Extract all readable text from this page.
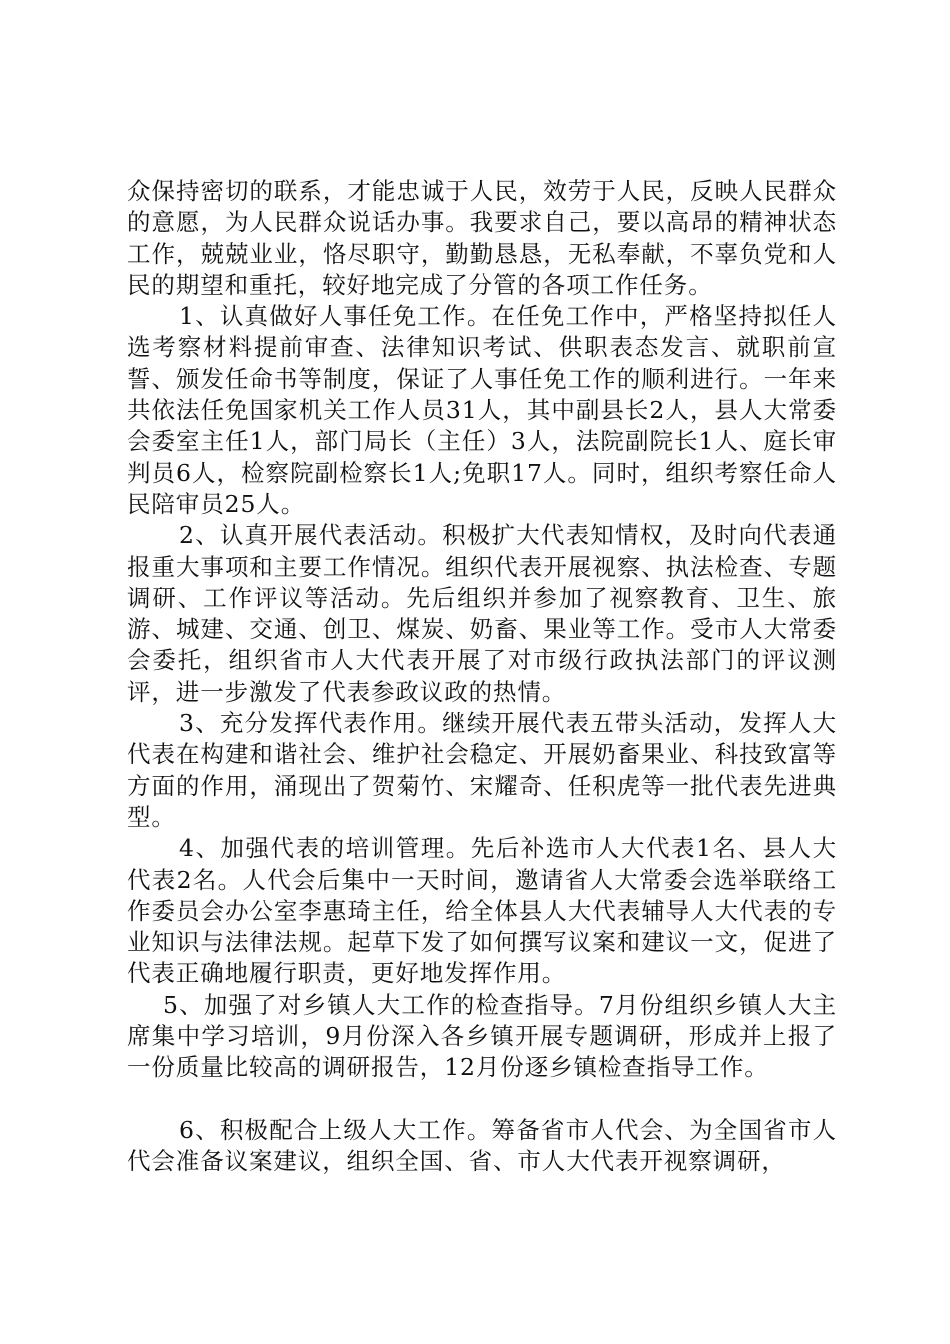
众保持密切的联系，才能忠诚于人民，效劳于人民，反映人民群众的意愿，为人民群众说话办事。我要求自己，要以高昂的精神状态工作，兢兢业业，恪尽职守，勤勤恳恳，无私奉献，不辜负党和人民的期望和重托，较好地完成了分管的各项工作任务。

1、认真做好人事任免工作。在任免工作中，严格坚持拟任人选考察材料提前审查、法律知识考试、供职表态发言、就职前宣誓、颁发任命书等制度，保证了人事任免工作的顺利进行。一年来共依法任免国家机关工作人员31人，其中副县长2人，县人大常委会委室主任1人，部门局长（主任）3人，法院副院长1人、庭长审判员6人，检察院副检察长1人;免职17人。同时，组织考察任命人民陪审员25人。

2、认真开展代表活动。积极扩大代表知情权，及时向代表通报重大事项和主要工作情况。组织代表开展视察、执法检查、专题调研、工作评议等活动。先后组织并参加了视察教育、卫生、旅游、城建、交通、创卫、煤炭、奶畜、果业等工作。受市人大常委会委托，组织省市人大代表开展了对市级行政执法部门的评议测评，进一步激发了代表参政议政的热情。

3、充分发挥代表作用。继续开展代表五带头活动，发挥人大代表在构建和谐社会、维护社会稳定、开展奶畜果业、科技致富等方面的作用，涌现出了贺菊竹、宋耀奇、任积虎等一批代表先进典型。

4、加强代表的培训管理。先后补选市人大代表1名、县人大代表2名。人代会后集中一天时间，邀请省人大常委会选举联络工作委员会办公室李惠琦主任，给全体县人大代表辅导人大代表的专业知识与法律法规。起草下发了如何撰写议案和建议一文，促进了代表正确地履行职责，更好地发挥作用。

5、加强了对乡镇人大工作的检查指导。7月份组织乡镇人大主席集中学习培训，9月份深入各乡镇开展专题调研，形成并上报了一份质量比较高的调研报告，12月份逐乡镇检查指导工作。

6、积极配合上级人大工作。筹备省市人代会、为全国省市人代会准备议案建议，组织全国、省、市人大代表开视察调研，
